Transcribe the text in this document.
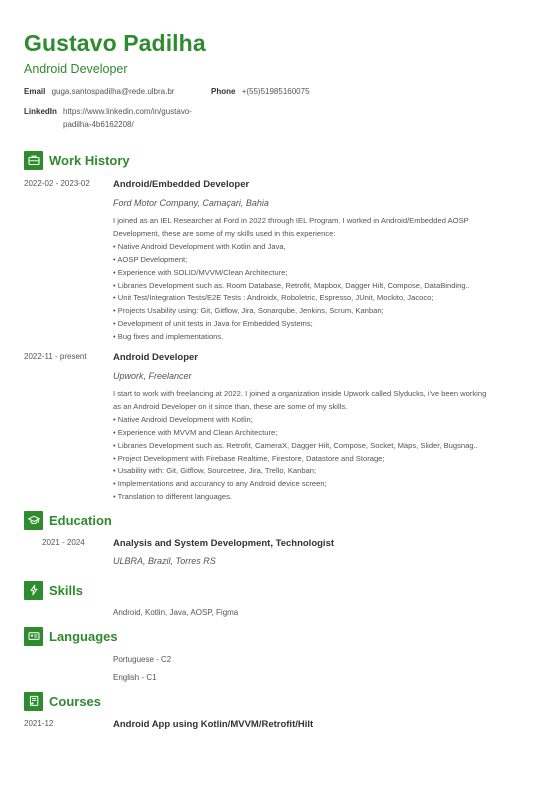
Gustavo Padilha
Android Developer
Email guga.santospadilha@rede.ulbra.br	Phone +(55)51985160075
LinkedIn https://www.linkedin.com/in/gustavo-
padilha-4b6162208/
Work History
2022-02 - 2023-02 Android/Embedded Developer
Ford Motor Company, Camaçari, Bahia
I joined as an IEL Researcher at Ford in 2022 through IEL Program. I worked in Android/Embedded AOSP
Development, these are some of my skills used in this experience:
• Native Android Development with Kotlin and Java,
• AOSP Development;
• Experience with SOLID/MVVM/Clean Architecture;
• Libraries Development such as. Room Database, Retrofit, Mapbox, Dagger Hilt, Compose, DataBinding..
• Unit Test/Integration Tests/E2E Tests : Androidx, Roboletric, Espresso, JUnit, Mockito, Jacoco;
• Projects Usability using: Git, Gitflow, Jira, Sonarqube, Jenkins, Scrum, Kanban;
• Development of unit tests in Java for Embedded Systems;
• Bug fixes and implementations.
2022-11 - present	Android Developer
Upwork, Freelancer
I start to work with freelancing at 2022. I joined a organization inside Upwork called Slyducks, i've been working
as an Android Developer on it since than, these are some of my skills.
• Native Android Development with Kotlin;
• Experience with MVVM and Clean Architecture;
• Libraries Development such as. Retrofit, CameraX, Dagger Hilt, Compose, Socket, Maps, Slider, Bugsnag..
• Project Development with Firebase Realtime, Firestore, Datastore and Storage;
• Usability with: Git, Gitflow, Sourcetree, Jira, Trello, Kanban;
• Implementations and accurancy to any Android device screen;
• Translation to different languages.
Education
2021 - 2024	Analysis and System Development, Technologist
ULBRA, Brazil, Torres RS
Skills
Android, Kotlin, Java, AOSP, Figma
Languages
Portuguese - C2
English - C1
Courses
2021-12	Android App using Kotlin/MVVM/Retrofit/Hilt
